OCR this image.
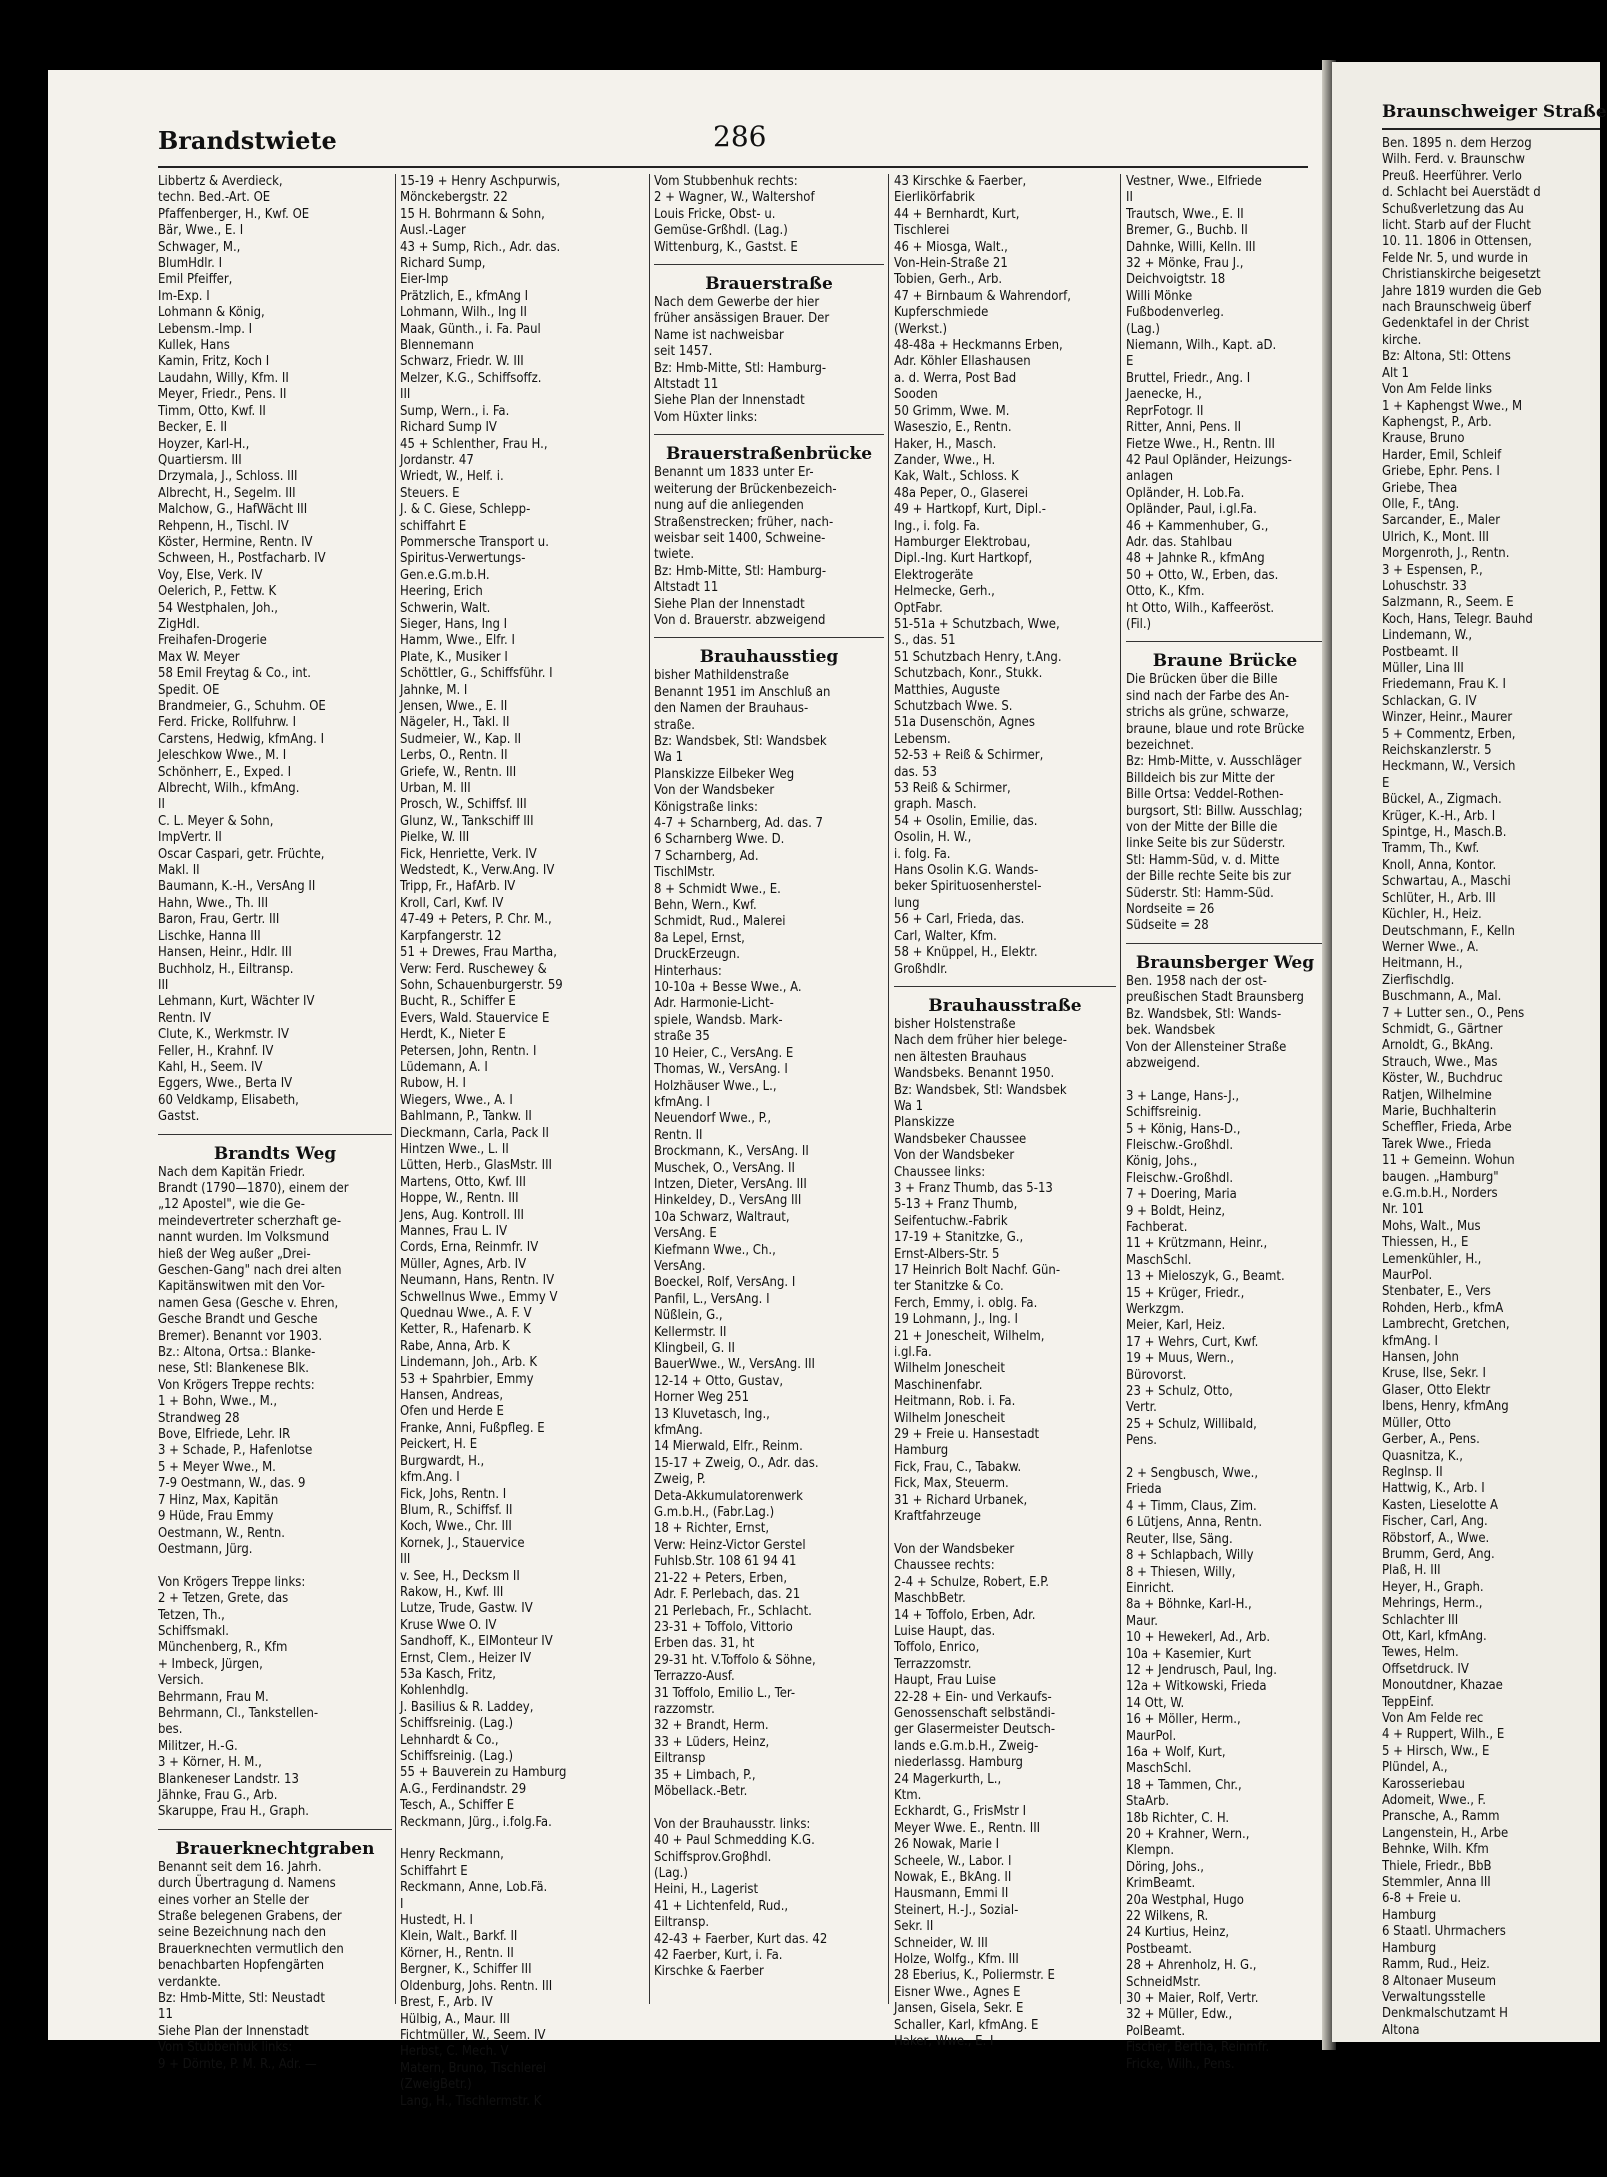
Brandstwiete	286
Libbertz & Averdieck,
techn. Bed.-Art. OE
Pfaffenberger, H., Kwf. OE
Bär, Wwe., E. I
Schwager, M.,
BlumHdlr. I
Emil Pfeiffer,
Im-Exp. I
Lohmann & König,
Lebensm.-Imp. I
Kullek, Hans
Kamin, Fritz, Koch I
Laudahn, Willy, Kfm. II
Meyer, Friedr., Pens. II
Timm, Otto, Kwf. II
Becker, E. II
Hoyzer, Karl-H.,
Quartiersm. III
Drzymala, J., Schloss. III
Albrecht, H., Segelm. III
Malchow, G., HafWächt III
Rehpenn, H., Tischl. IV
Köster, Hermine, Rentn. IV
Schween, H., Postfacharb. IV
Voy, Else, Verk. IV
Oelerich, P., Fettw. K
54 Westphalen, Joh.,
ZigHdl.
Freihafen-Drogerie
Max W. Meyer
58 Emil Freytag & Co., int.
Spedit. OE
Brandmeier, G., Schuhm. OE
Ferd. Fricke, Rollfuhrw. I
Carstens, Hedwig, kfmAng. I
Jeleschkow Wwe., M. I
Schönherr, E., Exped. I
Albrecht, Wilh., kfmAng.
II
C. L. Meyer & Sohn,
ImpVertr. II
Oscar Caspari, getr. Früchte,
Makl. II
Baumann, K.-H., VersAng II
Hahn, Wwe., Th. III
Baron, Frau, Gertr. III
Lischke, Hanna III
Hansen, Heinr., Hdlr. III
Buchholz, H., Eiltransp.
III
Lehmann, Kurt, Wächter IV
Rentn. IV
Clute, K., Werkmstr. IV
Feller, H., Krahnf. IV
Kahl, H., Seem. IV
Eggers, Wwe., Berta IV
60 Veldkamp, Elisabeth,
Gastst.
Brandts Weg
Nach dem Kapitän Friedr.
Brandt (1790—1870), einem der
„12 Apostel", wie die Ge-
meindevertreter scherzhaft ge-
nannt wurden. Im Volksmund
hieß der Weg außer „Drei-
Geschen-Gang" nach drei alten
Kapitänswitwen mit den Vor-
namen Gesa (Gesche v. Ehren,
Gesche Brandt und Gesche
Bremer). Benannt vor 1903.
Bz.: Altona, Ortsa.: Blanke-
nese, Stl: Blankenese Blk.
Von Krögers Treppe rechts:
1 + Bohn, Wwe., M.,
Strandweg 28
Bove, Elfriede, Lehr. IR
3 + Schade, P., Hafenlotse
5 + Meyer Wwe., M.
7-9 Oestmann, W., das. 9
7 Hinz, Max, Kapitän
9 Hüde, Frau Emmy
Oestmann, W., Rentn.
Oestmann, Jürg.

Von Krögers Treppe links:
2 + Tetzen, Grete, das
Tetzen, Th.,
Schiffsmakl.
Münchenberg, R., Kfm
+ Imbeck, Jürgen,
Versich.
Behrmann, Frau M.
Behrmann, Cl., Tankstellen-
bes.
Militzer, H.-G.
3 + Körner, H. M.,
Blankeneser Landstr. 13
Jähnke, Frau G., Arb.
Skaruppe, Frau H., Graph.
Brauerknechtgraben
Benannt seit dem 16. Jahrh.
durch Übertragung d. Namens
eines vorher an Stelle der
Straße belegenen Grabens, der
seine Bezeichnung nach den
Brauerknechten vermutlich den
benachbarten Hopfengärten
verdankte.
Bz: Hmb-Mitte, Stl: Neustadt
11
Siehe Plan der Innenstadt
Vom Stubbenhuk links:
9 + Dörnte, P. M. R., Adr. —
15-19 + Henry Aschpurwis,
Mönckebergstr. 22
15 H. Bohrmann & Sohn,
Ausl.-Lager
43 + Sump, Rich., Adr. das.
Richard Sump,
Eier-Imp
Prätzlich, E., kfmAng I
Lohmann, Wilh., Ing II
Maak, Günth., i. Fa. Paul
Blennemann
Schwarz, Friedr. W. III
Melzer, K.G., Schiffsoffz.
III
Sump, Wern., i. Fa.
Richard Sump IV
45 + Schlenther, Frau H.,
Jordanstr. 47
Wriedt, W., Helf. i.
Steuers. E
J. & C. Giese, Schlepp-
schiffahrt E
Pommersche Transport u.
Spiritus-Verwertungs-
Gen.e.G.m.b.H.
Heering, Erich
Schwerin, Walt.
Sieger, Hans, Ing I
Hamm, Wwe., Elfr. I
Plate, K., Musiker I
Schöttler, G., Schiffsführ. I
Jahnke, M. I
Jensen, Wwe., E. II
Nägeler, H., Takl. II
Sudmeier, W., Kap. II
Lerbs, O., Rentn. II
Griefe, W., Rentn. III
Urban, M. III
Prosch, W., Schiffsf. III
Glunz, W., Tankschiff III
Pielke, W. III
Fick, Henriette, Verk. IV
Wedstedt, K., Verw.Ang. IV
Tripp, Fr., HafArb. IV
Kroll, Carl, Kwf. IV
47-49 + Peters, P. Chr. M.,
Karpfangerstr. 12
51 + Drewes, Frau Martha,
Verw: Ferd. Ruschewey &
Sohn, Schauenburgerstr. 59
Bucht, R., Schiffer E
Evers, Wald. Stauervice E
Herdt, K., Nieter E
Petersen, John, Rentn. I
Lüdemann, A. I
Rubow, H. I
Wiegers, Wwe., A. I
Bahlmann, P., Tankw. II
Dieckmann, Carla, Pack II
Hintzen Wwe., L. II
Lütten, Herb., GlasMstr. III
Martens, Otto, Kwf. III
Hoppe, W., Rentn. III
Jens, Aug. Kontroll. III
Mannes, Frau L. IV
Cords, Erna, Reinmfr. IV
Müller, Agnes, Arb. IV
Neumann, Hans, Rentn. IV
Schwellnus Wwe., Emmy V
Quednau Wwe., A. F. V
Ketter, R., Hafenarb. K
Rabe, Anna, Arb. K
Lindemann, Joh., Arb. K
53 + Spahrbier, Emmy
Hansen, Andreas,
Ofen und Herde E
Franke, Anni, Fußpfleg. E
Peickert, H. E
Burgwardt, H.,
kfm.Ang. I
Fick, Johs, Rentn. I
Blum, R., Schiffsf. II
Koch, Wwe., Chr. III
Kornek, J., Stauervice
III
v. See, H., Decksm II
Rakow, H., Kwf. III
Lutze, Trude, Gastw. IV
Kruse Wwe O. IV
Sandhoff, K., ElMonteur IV
Ernst, Clem., Heizer IV
53a Kasch, Fritz,
Kohlenhdlg.
J. Basilius & R. Laddey,
Schiffsreinig. (Lag.)
Lehnhardt & Co.,
Schiffsreinig. (Lag.)
55 + Bauverein zu Hamburg
A.G., Ferdinandstr. 29
Tesch, A., Schiffer E
Reckmann, Jürg., i.folg.Fa.

Henry Reckmann,
Schiffahrt E
Reckmann, Anne, Lob.Fä.
I
Hustedt, H. I
Klein, Walt., Barkf. II
Körner, H., Rentn. II
Bergner, K., Schiffer III
Oldenburg, Johs. Rentn. III
Brest, F., Arb. IV
Hülbig, A., Maur. III
Fichtmüller, W., Seem. IV
Herbst, C. Mech. V
Matern, Bruno, Tischlerei
(ZweigBetr.)
Lang, H., Tischlermstr. K
Vom Stubbenhuk rechts:
2 + Wagner, W., Waltershof
Louis Fricke, Obst- u.
Gemüse-Grßhdl. (Lag.)
Wittenburg, K., Gastst. E
Brauerstraße
Nach dem Gewerbe der hier
früher ansässigen Brauer. Der
Name ist nachweisbar
seit 1457.
Bz: Hmb-Mitte, Stl: Hamburg-
Altstadt 11
Siehe Plan der Innenstadt
Vom Hüxter links:
Brauerstraßenbrücke
Benannt um 1833 unter Er-
weiterung der Brückenbezeich-
nung auf die anliegenden
Straßenstrecken; früher, nach-
weisbar seit 1400, Schweine-
twiete.
Bz: Hmb-Mitte, Stl: Hamburg-
Altstadt 11
Siehe Plan der Innenstadt
Von d. Brauerstr. abzweigend
Brauhausstieg
bisher Mathildenstraße
Benannt 1951 im Anschluß an
den Namen der Brauhaus-
straße.
Bz: Wandsbek, Stl: Wandsbek
Wa 1
Planskizze Eilbeker Weg
Von der Wandsbeker
Königstraße links:
4-7 + Scharnberg, Ad. das. 7
6 Scharnberg Wwe. D.
7 Scharnberg, Ad.
TischlMstr.
8 + Schmidt Wwe., E.
Behn, Wern., Kwf.
Schmidt, Rud., Malerei
8a Lepel, Ernst,
DruckErzeugn.
Hinterhaus:
10-10a + Besse Wwe., A.
Adr. Harmonie-Licht-
spiele, Wandsb. Mark-
straße 35
10 Heier, C., VersAng. E
Thomas, W., VersAng. I
Holzhäuser Wwe., L.,
kfmAng. I
Neuendorf Wwe., P.,
Rentn. II
Brockmann, K., VersAng. II
Muschek, O., VersAng. II
Intzen, Dieter, VersAng. III
Hinkeldey, D., VersAng III
10a Schwarz, Waltraut,
VersAng. E
Kiefmann Wwe., Ch.,
VersAng.
Boeckel, Rolf, VersAng. I
Panfil, L., VersAng. I
Nüßlein, G.,
Kellermstr. II
Klingbeil, G. II
BauerWwe., W., VersAng. III
12-14 + Otto, Gustav,
Horner Weg 251
13 Kluvetasch, Ing.,
kfmAng.
14 Mierwald, Elfr., Reinm.
15-17 + Zweig, O., Adr. das.
Zweig, P.
Deta-Akkumulatorenwerk
G.m.b.H., (Fabr.Lag.)
18 + Richter, Ernst,
Verw: Heinz-Victor Gerstel
Fuhlsb.Str. 108 61 94 41
21-22 + Peters, Erben,
Adr. F. Perlebach, das. 21
21 Perlebach, Fr., Schlacht.
23-31 + Toffolo, Vittorio
Erben das. 31, ht
29-31 ht. V.Toffolo & Söhne,
Terrazzo-Ausf.
31 Toffolo, Emilio L., Ter-
razzomstr.
32 + Brandt, Herm.
33 + Lüders, Heinz,
Eiltransp
35 + Limbach, P.,
Möbellack.-Betr.

Von der Brauhausstr. links:
40 + Paul Schmedding K.G.
Schiffsprov.Groβhdl.
(Lag.)
Heini, H., Lagerist
41 + Lichtenfeld, Rud.,
Eiltransp.
42-43 + Faerber, Kurt das. 42
42 Faerber, Kurt, i. Fa.
Kirschke & Faerber
43 Kirschke & Faerber,
Eierlikörfabrik
44 + Bernhardt, Kurt,
Tischlerei
46 + Miosga, Walt.,
Von-Hein-Straße 21
Tobien, Gerh., Arb.
47 + Birnbaum & Wahrendorf,
Kupferschmiede
(Werkst.)
48-48a + Heckmanns Erben,
Adr. Köhler Ellashausen
a. d. Werra, Post Bad
Sooden
50 Grimm, Wwe. M.
Waseszio, E., Rentn.
Haker, H., Masch.
Zander, Wwe., H.
Kak, Walt., Schloss. K
48a Peper, O., Glaserei
49 + Hartkopf, Kurt, Dipl.-
Ing., i. folg. Fa.
Hamburger Elektrobau,
Dipl.-Ing. Kurt Hartkopf,
Elektrogeräte
Helmecke, Gerh.,
OptFabr.
51-51a + Schutzbach, Wwe,
S., das. 51
51 Schutzbach Henry, t.Ang.
Schutzbach, Konr., Stukk.
Matthies, Auguste
Schutzbach Wwe. S.
51a Dusenschön, Agnes
Lebensm.
52-53 + Reiß & Schirmer,
das. 53
53 Reiß & Schirmer,
graph. Masch.
54 + Osolin, Emilie, das.
Osolin, H. W.,
i. folg. Fa.
Hans Osolin K.G. Wands-
beker Spirituosenherstel-
lung
56 + Carl, Frieda, das.
Carl, Walter, Kfm.
58 + Knüppel, H., Elektr.
Großhdlr.
Brauhausstraße
bisher Holstenstraße
Nach dem früher hier belege-
nen ältesten Brauhaus
Wandsbeks. Benannt 1950.
Bz: Wandsbek, Stl: Wandsbek
Wa 1
Planskizze
Wandsbeker Chaussee
Von der Wandsbeker
Chaussee links:
3 + Franz Thumb, das 5-13
5-13 + Franz Thumb,
Seifentuchw.-Fabrik
17-19 + Stanitzke, G.,
Ernst-Albers-Str. 5
17 Heinrich Bolt Nachf. Gün-
ter Stanitzke & Co.
Ferch, Emmy, i. oblg. Fa.
19 Lohmann, J., Ing. I
21 + Jonescheit, Wilhelm,
i.gl.Fa.
Wilhelm Jonescheit
Maschinenfabr.
Heitmann, Rob. i. Fa.
Wilhelm Jonescheit
29 + Freie u. Hansestadt
Hamburg
Fick, Frau, C., Tabakw.
Fick, Max, Steuerm.
31 + Richard Urbanek,
Kraftfahrzeuge

Von der Wandsbeker
Chaussee rechts:
2-4 + Schulze, Robert, E.P.
MaschbBetr.
14 + Toffolo, Erben, Adr.
Luise Haupt, das.
Toffolo, Enrico,
Terrazzomstr.
Haupt, Frau Luise
22-28 + Ein- und Verkaufs-
Genossenschaft selbständi-
ger Glasermeister Deutsch-
lands e.G.m.b.H., Zweig-
niederlassg. Hamburg
24 Magerkurth, L.,
Ktm.
Eckhardt, G., FrisMstr I
Meyer Wwe. E., Rentn. III
26 Nowak, Marie I
Scheele, W., Labor. I
Nowak, E., BkAng. II
Hausmann, Emmi II
Steinert, H.-J., Sozial-
Sekr. II
Schneider, W. III
Holze, Wolfg., Kfm. III
28 Eberius, K., Poliermstr. E
Eisner Wwe., Agnes E
Jansen, Gisela, Sekr. E
Schaller, Karl, kfmAng. E
Haker, Wwe., E. I
Vestner, Wwe., Elfriede
II
Trautsch, Wwe., E. II
Bremer, G., Buchb. II
Dahnke, Willi, Kelln. III
32 + Mönke, Frau J.,
Deichvoigtstr. 18
Willi Mönke
Fußbodenverleg.
(Lag.)
Niemann, Wilh., Kapt. aD.
E
Bruttel, Friedr., Ang. I
Jaenecke, H.,
ReprFotogr. II
Ritter, Anni, Pens. II
Fietze Wwe., H., Rentn. III
42 Paul Opländer, Heizungs-
anlagen
Opländer, H. Lob.Fa.
Opländer, Paul, i.gl.Fa.
46 + Kammenhuber, G.,
Adr. das. Stahlbau
48 + Jahnke R., kfmAng
50 + Otto, W., Erben, das.
Otto, K., Kfm.
ht Otto, Wilh., Kaffeeröst.
(Fil.)
Braune Brücke
Die Brücken über die Bille
sind nach der Farbe des An-
strichs als grüne, schwarze,
braune, blaue und rote Brücke
bezeichnet.
Bz: Hmb-Mitte, v. Ausschläger
Billdeich bis zur Mitte der
Bille Ortsa: Veddel-Rothen-
burgsort, Stl: Billw. Ausschlag;
von der Mitte der Bille die
linke Seite bis zur Süderstr.
Stl: Hamm-Süd, v. d. Mitte
der Bille rechte Seite bis zur
Süderstr. Stl: Hamm-Süd.
Nordseite = 26
Südseite = 28
Braunsberger Weg
Ben. 1958 nach der ost-
preußischen Stadt Braunsberg
Bz. Wandsbek, Stl: Wands-
bek. Wandsbek
Von der Allensteiner Straße
abzweigend.

3 + Lange, Hans-J.,
Schiffsreinig.
5 + König, Hans-D.,
Fleischw.-Großhdl.
König, Johs.,
Fleischw.-Großhdl.
7 + Doering, Maria
9 + Boldt, Heinz,
Fachberat.
11 + Krützmann, Heinr.,
MaschSchl.
13 + Mieloszyk, G., Beamt.
15 + Krüger, Friedr.,
Werkzgm.
Meier, Karl, Heiz.
17 + Wehrs, Curt, Kwf.
19 + Muus, Wern.,
Bürovorst.
23 + Schulz, Otto,
Vertr.
25 + Schulz, Willibald,
Pens.

2 + Sengbusch, Wwe.,
Frieda
4 + Timm, Claus, Zim.
6 Lütjens, Anna, Rentn.
Reuter, Ilse, Säng.
8 + Schlapbach, Willy
8 + Thiesen, Willy,
Einricht.
8a + Böhnke, Karl-H.,
Maur.
10 + Hewekerl, Ad., Arb.
10a + Kasemier, Kurt
12 + Jendrusch, Paul, Ing.
12a + Witkowski, Frieda
14 Ott, W.
16 + Möller, Herm.,
MaurPol.
16a + Wolf, Kurt,
MaschSchl.
18 + Tammen, Chr.,
StaArb.
18b Richter, C. H.
20 + Krahner, Wern.,
Klempn.
Döring, Johs.,
KrimBeamt.
20a Westphal, Hugo
22 Wilkens, R.
24 Kurtius, Heinz,
Postbeamt.
28 + Ahrenholz, H. G.,
SchneidMstr.
30 + Maier, Rolf, Vertr.
32 + Müller, Edw.,
PolBeamt.
Fischer, Bertha, Reinmfr.
Fricke, Wilh., Pens.
Braunschweiger Straße
Ben. 1895 n. dem Herzog
Wilh. Ferd. v. Braunschw
Preuß. Heerführer. Verlo
d. Schlacht bei Auerstädt d
Schußverletzung das Au
licht. Starb auf der Flucht
10. 11. 1806 in Ottensen,
Felde Nr. 5, und wurde in
Christianskirche beigesetzt
Jahre 1819 wurden die Geb
nach Braunschweig überf
Gedenktafel in der Christ
kirche.
Bz: Altona, Stl: Ottens
Alt 1
Von Am Felde links
1 + Kaphengst Wwe., M
Kaphengst, P., Arb.
Krause, Bruno
Harder, Emil, Schleif
Griebe, Ephr. Pens. I
Griebe, Thea
Olle, F., tAng.
Sarcander, E., Maler
Ulrich, K., Mont. III
Morgenroth, J., Rentn.
3 + Espensen, P.,
Lohuschstr. 33
Salzmann, R., Seem. E
Koch, Hans, Telegr. Bauhd
Lindemann, W.,
Postbeamt. II
Müller, Lina III
Friedemann, Frau K. I
Schlackan, G. IV
Winzer, Heinr., Maurer
5 + Commentz, Erben,
Reichskanzlerstr. 5
Heckmann, W., Versich
E
Bückel, A., Zigmach.
Krüger, K.-H., Arb. I
Spintge, H., Masch.B.
Tramm, Th., Kwf.
Knoll, Anna, Kontor.
Schwartau, A., Maschi
Schlüter, H., Arb. III
Küchler, H., Heiz.
Deutschmann, F., Kelln
Werner Wwe., A.
Heitmann, H.,
Zierfischdlg.
Buschmann, A., Mal.
7 + Lutter sen., O., Pens
Schmidt, G., Gärtner
Arnoldt, G., BkAng.
Strauch, Wwe., Mas
Köster, W., Buchdruc
Ratjen, Wilhelmine
Marie, Buchhalterin
Scheffler, Frieda, Arbe
Tarek Wwe., Frieda
11 + Gemeinn. Wohun
baugen. „Hamburg"
e.G.m.b.H., Norders
Nr. 101
Mohs, Walt., Mus
Thiessen, H., E
Lemenkühler, H.,
MaurPol.
Stenbater, E., Vers
Rohden, Herb., kfmA
Lambrecht, Gretchen,
kfmAng. I
Hansen, John
Kruse, Ilse, Sekr. I
Glaser, Otto Elektr
Ibens, Henry, kfmAng
Müller, Otto
Gerber, A., Pens.
Quasnitza, K.,
Reglnsp. II
Hattwig, K., Arb. I
Kasten, Lieselotte A
Fischer, Carl, Ang.
Röbstorf, A., Wwe.
Brumm, Gerd, Ang.
Plaß, H. III
Heyer, H., Graph.
Mehrings, Herm.,
Schlachter III
Ott, Karl, kfmAng.
Tewes, Helm.
Offsetdruck. IV
Monoutdner, Khazae
TeppEinf.
Von Am Felde rec
4 + Ruppert, Wilh., E
5 + Hirsch, Ww., E
Plündel, A.,
Karosseriebau
Adomeit, Wwe., F.
Pransche, A., Ramm
Langenstein, H., Arbe
Behnke, Wilh. Kfm
Thiele, Friedr., BbB
Stemmler, Anna III
6-8 + Freie u.
Hamburg
6 Staatl. Uhrmachers
Hamburg
Ramm, Rud., Heiz.
8 Altonaer Museum
Verwaltungsstelle
Denkmalschutzamt H
Altona
